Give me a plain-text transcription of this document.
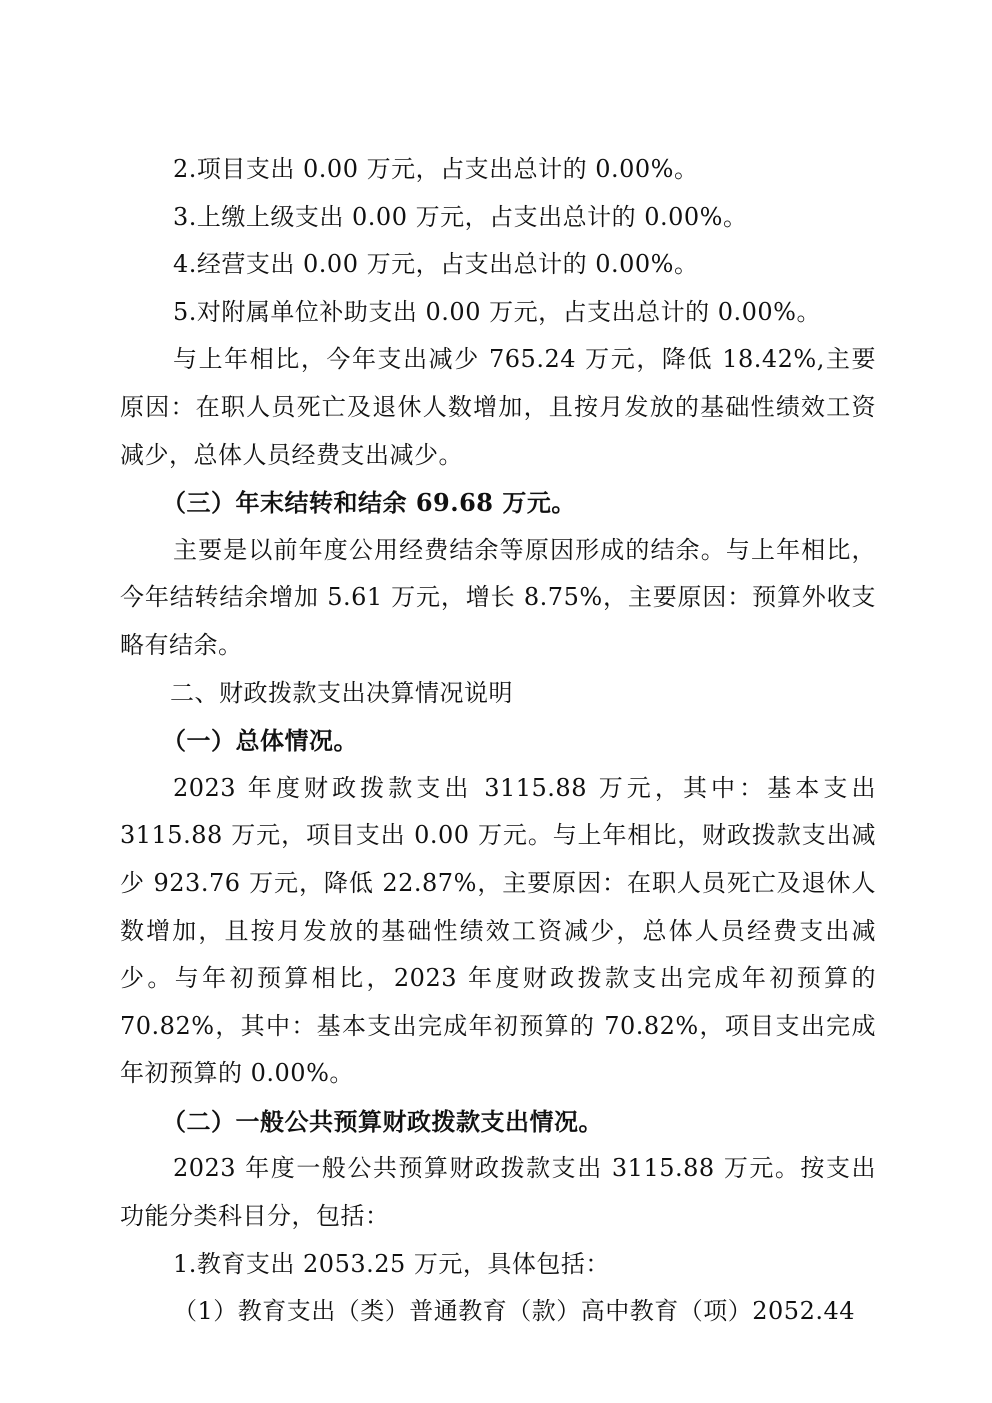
2.项目支出 0.00 万元，占支出总计的 0.00%。

3.上缴上级支出 0.00 万元，占支出总计的 0.00%。

4.经营支出 0.00 万元，占支出总计的 0.00%。

5.对附属单位补助支出 0.00 万元，占支出总计的 0.00%。

与上年相比，今年支出减少 765.24 万元，降低 18.42%,主要原因：在职人员死亡及退休人数增加，且按月发放的基础性绩效工资减少，总体人员经费支出减少。

（三）年末结转和结余 69.68 万元。

主要是以前年度公用经费结余等原因形成的结余。与上年相比，今年结转结余增加 5.61 万元，增长 8.75%，主要原因：预算外收支略有结余。

二、财政拨款支出决算情况说明

（一）总体情况。

2023 年度财政拨款支出 3115.88 万元，其中：基本支出3115.88 万元，项目支出 0.00 万元。与上年相比，财政拨款支出减少 923.76 万元，降低 22.87%，主要原因：在职人员死亡及退休人数增加，且按月发放的基础性绩效工资减少，总体人员经费支出减少。与年初预算相比，2023 年度财政拨款支出完成年初预算的 70.82%，其中：基本支出完成年初预算的 70.82%，项目支出完成年初预算的 0.00%。

（二）一般公共预算财政拨款支出情况。

2023 年度一般公共预算财政拨款支出 3115.88 万元。按支出功能分类科目分，包括：

1.教育支出 2053.25 万元，具体包括：

（1）教育支出（类）普通教育（款）高中教育（项）2052.44
